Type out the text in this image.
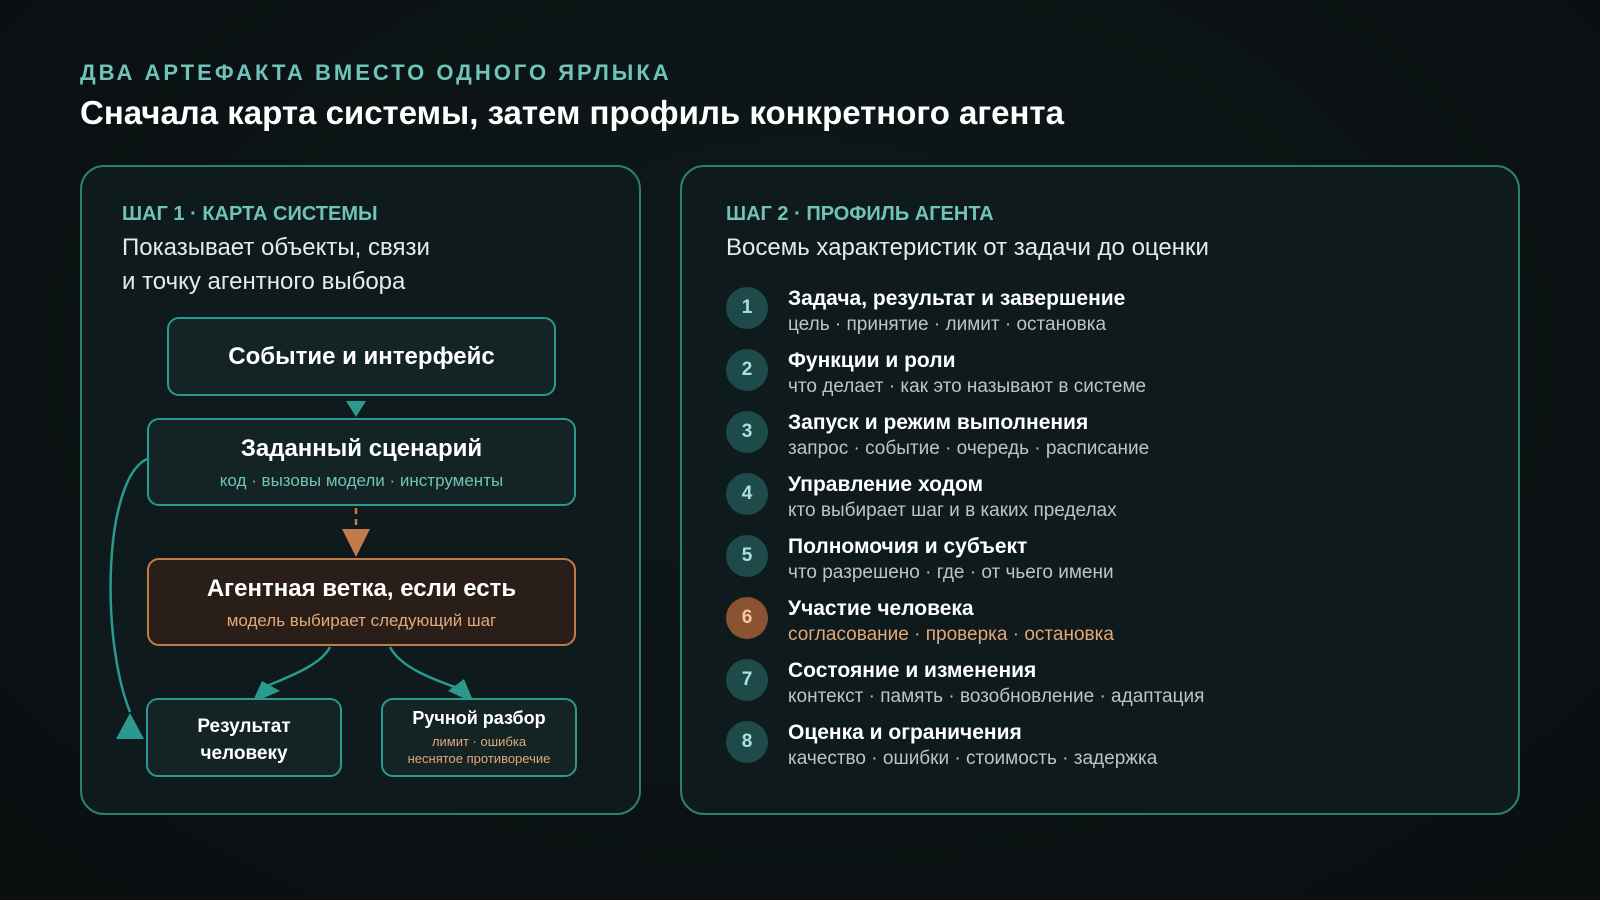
ДВА АРТЕФАКТА ВМЕСТО ОДНОГО ЯРЛЫКА
Сначала карта системы, затем профиль конкретного агента
ШАГ 1 · КАРТА СИСТЕМЫ
Показывает объекты, связи
и точку агентного выбора
Событие и интерфейс
Заданный сценарий
код · вызовы модели · инструменты
Агентная ветка, если есть
модель выбирает следующий шаг
Результат
человеку
Ручной разбор
лимит · ошибка
неснятое противоречие
ШАГ 2 · ПРОФИЛЬ АГЕНТА
Восемь характеристик от задачи до оценки
1	Задача, результат и завершение
цель · принятие · лимит · остановка
2	Функции и роли
что делает · как это называют в системе
3	Запуск и режим выполнения
запрос · событие · очередь · расписание
4	Управление ходом
кто выбирает шаг и в каких пределах
5	Полномочия и субъект
что разрешено · где · от чьего имени
6	Участие человека
согласование · проверка · остановка
7	Состояние и изменения
контекст · память · возобновление · адаптация
8	Оценка и ограничения
качество · ошибки · стоимость · задержка
